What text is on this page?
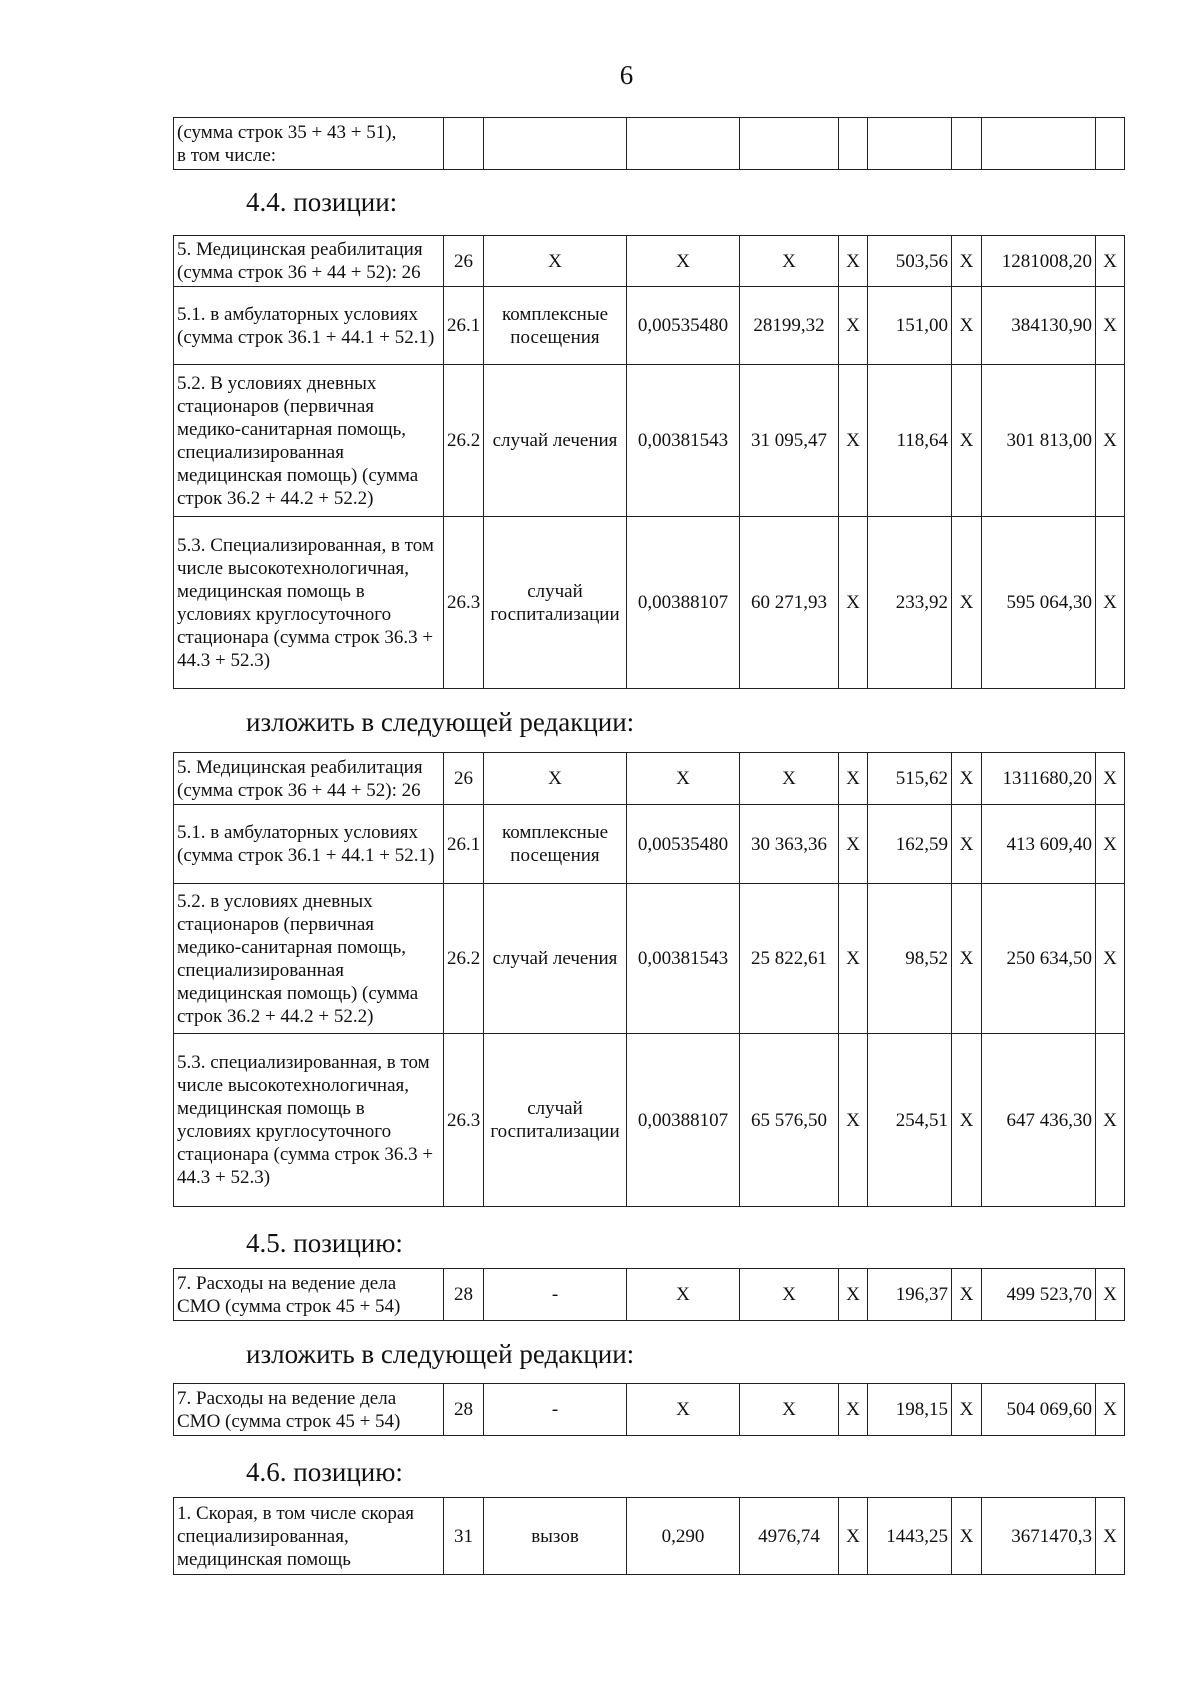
6
(сумма строк 35 + 43 + 51),
в том числе:									
4.4. позиции:
5. Медицинская реабилитация (сумма строк 36 + 44 + 52): 26	26	X	X	X	X	503,56	X	1281008,20	X
5.1. в амбулаторных условиях (сумма строк 36.1 + 44.1 + 52.1)	26.1	комплексные посещения	0,00535480	28199,32	X	151,00	X	384130,90	X
5.2. В условиях дневных стационаров (первичная медико-санитарная помощь, специализированная медицинская помощь) (сумма строк 36.2 + 44.2 + 52.2)	26.2	случай лечения	0,00381543	31 095,47	X	118,64	X	301 813,00	X
5.3. Специализированная, в том числе высокотехнологичная, медицинская помощь в условиях круглосуточного стационара (сумма строк 36.3 + 44.3 + 52.3)	26.3	случай госпитализации	0,00388107	60 271,93	X	233,92	X	595 064,30	X
изложить в следующей редакции:
5. Медицинская реабилитация (сумма строк 36 + 44 + 52): 26	26	X	X	X	X	515,62	X	1311680,20	X
5.1. в амбулаторных условиях (сумма строк 36.1 + 44.1 + 52.1)	26.1	комплексные посещения	0,00535480	30 363,36	X	162,59	X	413 609,40	X
5.2. в условиях дневных стационаров (первичная медико-санитарная помощь, специализированная медицинская помощь) (сумма строк 36.2 + 44.2 + 52.2)	26.2	случай лечения	0,00381543	25 822,61	X	98,52	X	250 634,50	X
5.3. специализированная, в том числе высокотехнологичная, медицинская помощь в условиях круглосуточного стационара (сумма строк 36.3 + 44.3 + 52.3)	26.3	случай госпитализации	0,00388107	65 576,50	X	254,51	X	647 436,30	X
4.5. позицию:
7. Расходы на ведение дела СМО (сумма строк 45 + 54)	28	-	X	X	X	196,37	X	499 523,70	X
изложить в следующей редакции:
7. Расходы на ведение дела СМО (сумма строк 45 + 54)	28	-	X	X	X	198,15	X	504 069,60	X
4.6. позицию:
1. Скорая, в том числе скорая специализированная, медицинская помощь	31	вызов	0,290	4976,74	X	1443,25	X	3671470,3	X
